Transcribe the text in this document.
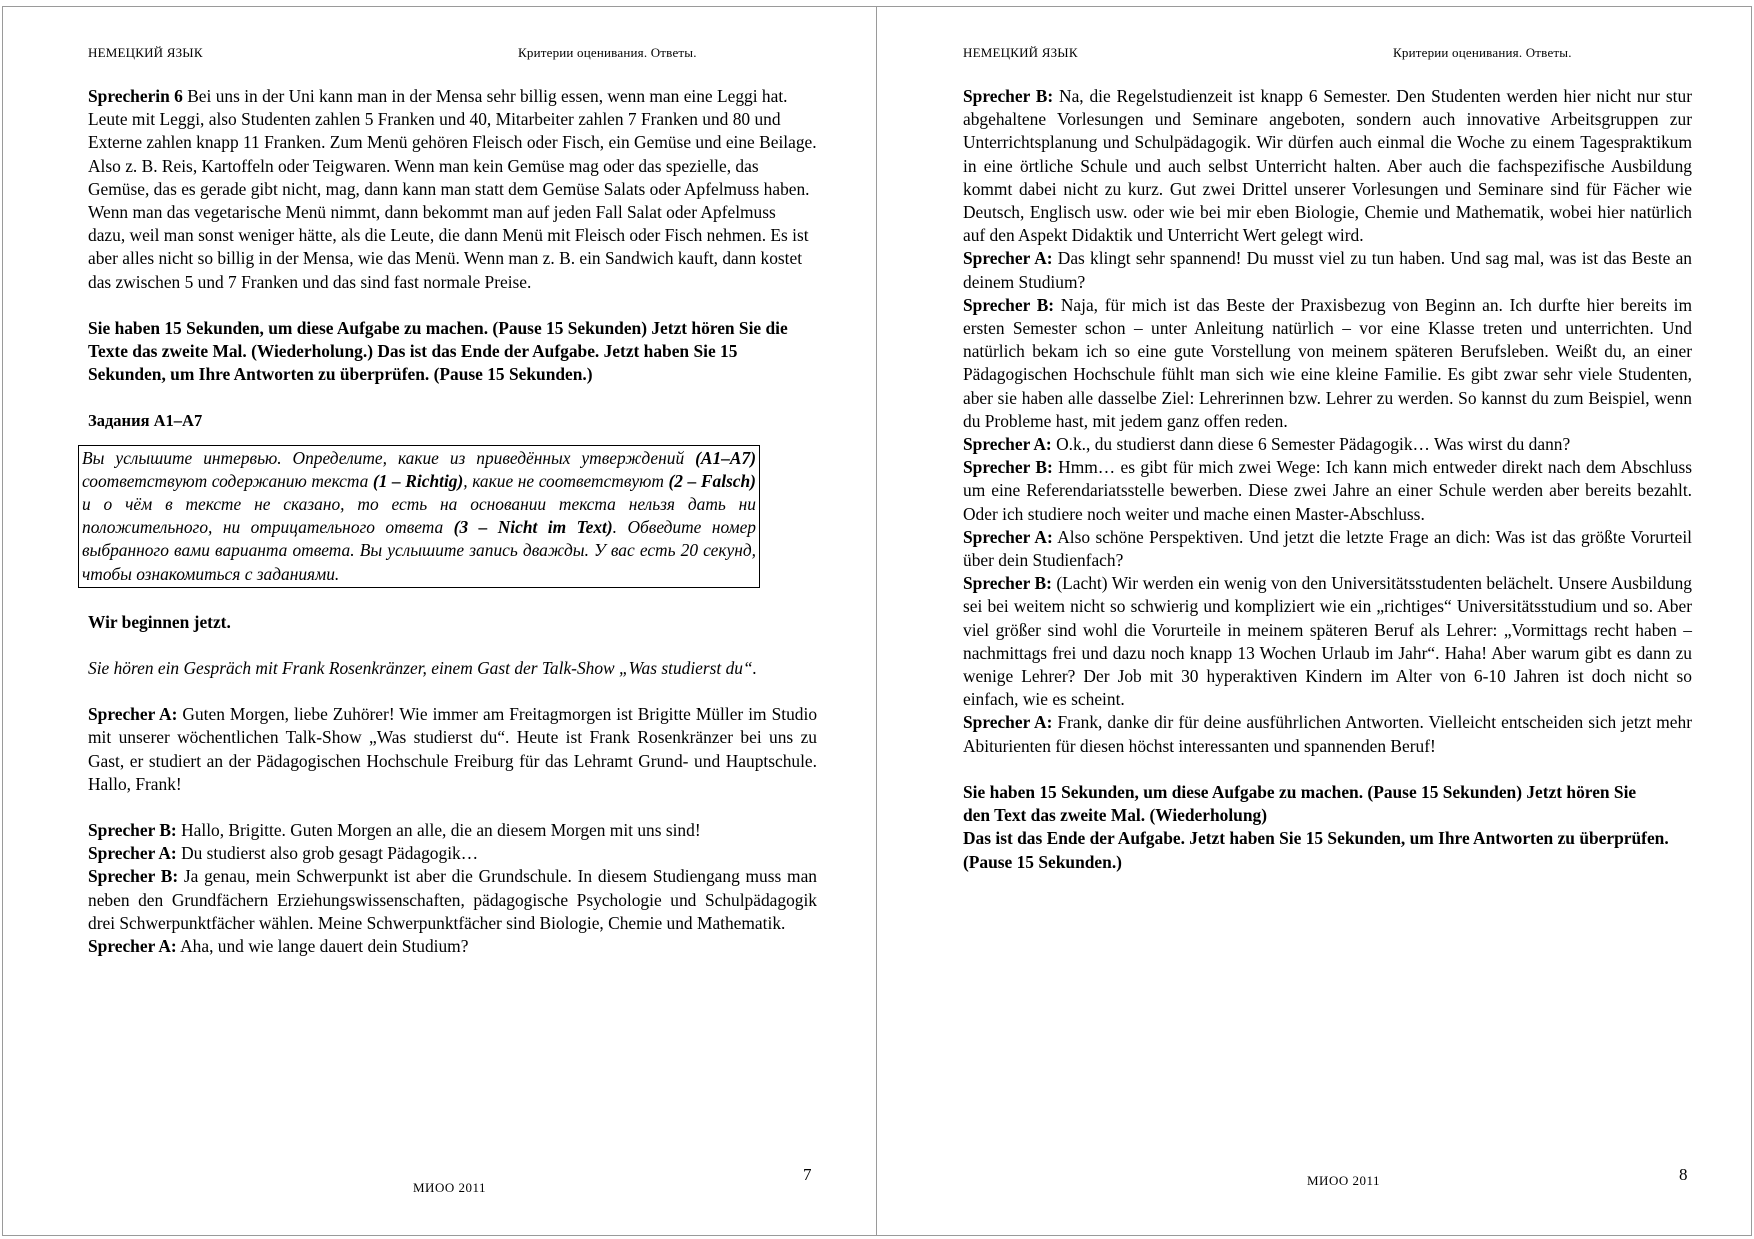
НЕМЕЦКИЙ ЯЗЫК	Критерии оценивания. Ответы.

Sprecherin 6 Bei uns in der Uni kann man in der Mensa sehr billig essen, wenn man eine Leggi hat. Leute mit Leggi, also Studenten zahlen 5 Franken und 40, Mitarbeiter zahlen 7 Franken und 80 und Externe zahlen knapp 11 Franken. Zum Menü gehören Fleisch oder Fisch, ein Gemüse und eine Beilage. Also z. B. Reis, Kartoffeln oder Teigwaren. Wenn man kein Gemüse mag oder das spezielle, das Gemüse, das es gerade gibt nicht, mag, dann kann man statt dem Gemüse Salats oder Apfelmuss haben. Wenn man das vegetarische Menü nimmt, dann bekommt man auf jeden Fall Salat oder Apfelmuss dazu, weil man sonst weniger hätte, als die Leute, die dann Menü mit Fleisch oder Fisch nehmen. Es ist aber alles nicht so billig in der Mensa, wie das Menü. Wenn man z. B. ein Sandwich kauft, dann kostet das zwischen 5 und 7 Franken und das sind fast normale Preise.

Sie haben 15 Sekunden, um diese Aufgabe zu machen. (Pause 15 Sekunden) Jetzt hören Sie die Texte das zweite Mal. (Wiederholung.) Das ist das Ende der Aufgabe. Jetzt haben Sie 15 Sekunden, um Ihre Antworten zu überprüfen. (Pause 15 Sekunden.)

Задания А1–А7

Вы услышите интервью. Определите, какие из приведённых утверждений (А1–А7) соответствуют содержанию текста (1 – Richtig), какие не соответствуют (2 – Falsch) и о чём в тексте не сказано, то есть на основании текста нельзя дать ни положительного, ни отрицательного ответа (3 – Nicht im Text). Обведите номер выбранного вами варианта ответа. Вы услышите запись дважды. У вас есть 20 секунд, чтобы ознакомиться с заданиями.

Wir beginnen jetzt.

Sie hören ein Gespräch mit Frank Rosenkränzer, einem Gast der Talk-Show „Was studierst du“.

Sprecher A: Guten Morgen, liebe Zuhörer! Wie immer am Freitagmorgen ist Brigitte Müller im Studio mit unserer wöchentlichen Talk-Show „Was studierst du“. Heute ist Frank Rosenkränzer bei uns zu Gast, er studiert an der Pädagogischen Hochschule Freiburg für das Lehramt Grund- und Hauptschule. Hallo, Frank!

Sprecher B: Hallo, Brigitte. Guten Morgen an alle, die an diesem Morgen mit uns sind!

Sprecher A: Du studierst also grob gesagt Pädagogik…

Sprecher B: Ja genau, mein Schwerpunkt ist aber die Grundschule. In diesem Studiengang muss man neben den Grundfächern Erziehungswissenschaften, pädagogische Psychologie und Schulpädagogik drei Schwerpunktfächer wählen. Meine Schwerpunktfächer sind Biologie, Chemie und Mathematik.

Sprecher A: Aha, und wie lange dauert dein Studium?

7
МИОО 2011
НЕМЕЦКИЙ ЯЗЫК	Критерии оценивания. Ответы.

Sprecher B: Na, die Regelstudienzeit ist knapp 6 Semester. Den Studenten werden hier nicht nur stur abgehaltene Vorlesungen und Seminare angeboten, sondern auch innovative Arbeitsgruppen zur Unterrichtsplanung und Schulpädagogik. Wir dürfen auch einmal die Woche zu einem Tagespraktikum in eine örtliche Schule und auch selbst Unterricht halten. Aber auch die fachspezifische Ausbildung kommt dabei nicht zu kurz. Gut zwei Drittel unserer Vorlesungen und Seminare sind für Fächer wie Deutsch, Englisch usw. oder wie bei mir eben Biologie, Chemie und Mathematik, wobei hier natürlich auf den Aspekt Didaktik und Unterricht Wert gelegt wird.

Sprecher A: Das klingt sehr spannend! Du musst viel zu tun haben. Und sag mal, was ist das Beste an deinem Studium?

Sprecher B: Naja, für mich ist das Beste der Praxisbezug von Beginn an. Ich durfte hier bereits im ersten Semester schon – unter Anleitung natürlich – vor eine Klasse treten und unterrichten. Und natürlich bekam ich so eine gute Vorstellung von meinem späteren Berufsleben. Weißt du, an einer Pädagogischen Hochschule fühlt man sich wie eine kleine Familie. Es gibt zwar sehr viele Studenten, aber sie haben alle dasselbe Ziel: Lehrerinnen bzw. Lehrer zu werden. So kannst du zum Beispiel, wenn du Probleme hast, mit jedem ganz offen reden.

Sprecher A: O.k., du studierst dann diese 6 Semester Pädagogik… Was wirst du dann?

Sprecher B: Hmm… es gibt für mich zwei Wege: Ich kann mich entweder direkt nach dem Abschluss um eine Referendariatsstelle bewerben. Diese zwei Jahre an einer Schule werden aber bereits bezahlt. Oder ich studiere noch weiter und mache einen Master-Abschluss.

Sprecher A: Also schöne Perspektiven. Und jetzt die letzte Frage an dich: Was ist das größte Vorurteil über dein Studienfach?

Sprecher B: (Lacht) Wir werden ein wenig von den Universitätsstudenten belächelt. Unsere Ausbildung sei bei weitem nicht so schwierig und kompliziert wie ein „richtiges“ Universitätsstudium und so. Aber viel größer sind wohl die Vorurteile in meinem späteren Beruf als Lehrer: „Vormittags recht haben – nachmittags frei und dazu noch knapp 13 Wochen Urlaub im Jahr“. Haha! Aber warum gibt es dann zu wenige Lehrer? Der Job mit 30 hyperaktiven Kindern im Alter von 6-10 Jahren ist doch nicht so einfach, wie es scheint.

Sprecher A: Frank, danke dir für deine ausführlichen Antworten. Vielleicht entscheiden sich jetzt mehr Abiturienten für diesen höchst interessanten und spannenden Beruf!

Sie haben 15 Sekunden, um diese Aufgabe zu machen. (Pause 15 Sekunden) Jetzt hören Sie den Text das zweite Mal. (Wiederholung)

Das ist das Ende der Aufgabe. Jetzt haben Sie 15 Sekunden, um Ihre Antworten zu überprüfen. (Pause 15 Sekunden.)

8
МИОО 2011
